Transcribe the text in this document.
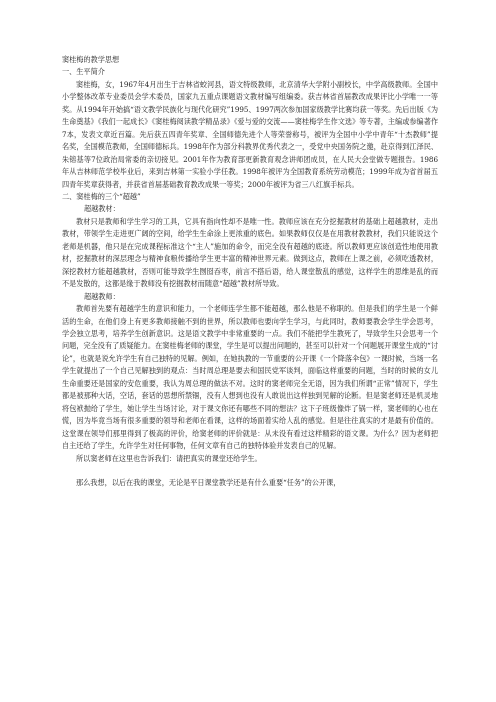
窦桂梅的教学思想

一、生平简介

窦桂梅，女，1967年4月出生于吉林省蛟河县，语文特级教师，北京清华大学附小副校长，中学高级教师。全国中小学整体改革专业委员会学术委员，国家九五重点课题语文教材编写组编委。获吉林省首届教改成果评比小学唯一一等奖。从1994年开始搞“语文教学民族化与现代化研究”1995、1997两次参加国家级教学比赛均获一等奖。先后出版《为生命奠基》《我们一起成长》《窦桂梅阅读教学精品录》《爱与爱的交流——窦桂梅学生作文选》等专著，主编或参编著作7本，发表文章近百篇。先后获五四青年奖章、全国师德先进个人等荣誉称号，被评为全国中小学中青年“十杰教师”提名奖，全国模范教师，全国师德标兵。1998年作为部分科教界优秀代表之一，受党中央国务院之邀，赴京得到江泽民、朱镕基等7位政治局常委的亲切接见。2001年作为教育部更新教育观念讲师团成员，在人民大会堂做专题报告。1986年从吉林师范学校毕业后，来到吉林第一实验小学任教。1998年被评为全国教育系统劳动模范；1999年成为省首届五四青年奖章获得者，并获省首届基础教育教改成果一等奖；2000年被评为省三八红旗手标兵。

二、窦桂梅的三个“超越”

超越教材：

教材只是教师和学生学习的工具，它具有指向性却不是唯一性。教师应该在充分挖掘教材的基础上超越教材，走出教材，带领学生走进更广阔的空间，给学生生命涂上更浓重的底色。如果教师仅仅是在用教材教教材，我们只能说这个老师是机器，他只是在完成课程标准这个“主人”施加的命令，而完全没有超越的底迹。所以教师更应该创造性地使用教材，挖掘教材的深层理念与精神食粮传播给学生更丰富的精神世界元素。做到这点，教师在上课之前，必须吃透教材，深挖教材方能超越教材，否则可能导致学生囫囵吞枣，前言不搭后语，给人课堂散乱的感觉，这样学生的思维是乱的而不是发散的，这都是缘于教师没有挖掘教材而随意“超越”教材所导致。

超越教师：

教师首先要有超越学生的意识和能力，一个老师连学生都不能超越，那么他是不称职的。但是我们的学生是一个鲜活的生命，在他们身上有更多教师接触不到的世界，所以教师也要向学生学习，与此同时，教师要教会学生学会思考，学会独立思考，培养学生创新意识。这是语文教学中非常重要的一点。我们不能把学生教死了，导致学生只会思考一个问题，完全没有了质疑能力。在窦桂梅老师的课堂，学生是可以提出问题的，甚至可以针对一个问题展开课堂生成的“讨论”，也就是说允许学生有自己独特的见解。例如，在她执教的一节重要的公开课《一个降落伞包》一课时候，当场一名学生就提出了一个自己见解独到的观点：当时周总理是要去和国民党军谈判，面临这样重要的问题，当时的时候的女儿生命重要还是国家的安危重要，我认为周总理的做法不对。这时的窦老师完全无语，因为我们所谓“正常”情况下，学生都是被那种大话，空话，套话的思想所禁锢，没有人想到也没有人敢说出这样独到见解的论断。但是窦老师还是机灵地将包袱抛给了学生，她让学生当场讨论，对于课文你还有哪些不同的想法？这下子班级像炸了锅一样，窦老师的心也在慌，因为毕竟当场有很多重要的领导和老师在看课，这样的场面着实给人乱的感觉。但是往往真实的才是最有价值的。这堂课在领导们那里得到了极高的评价，给窦老师的评价就是：从未没有看过这样精彩的语文课。为什么？因为老师把自主还给了学生，允许学生对任何事物，任何文章有自己的独特体验并发表自己的见解。

所以窦老师在这里也告诉我们：请把真实的课堂还给学生。

那么我想，以后在我的课堂，无论是平日课堂教学还是有什么重要“任务”的公开课，
